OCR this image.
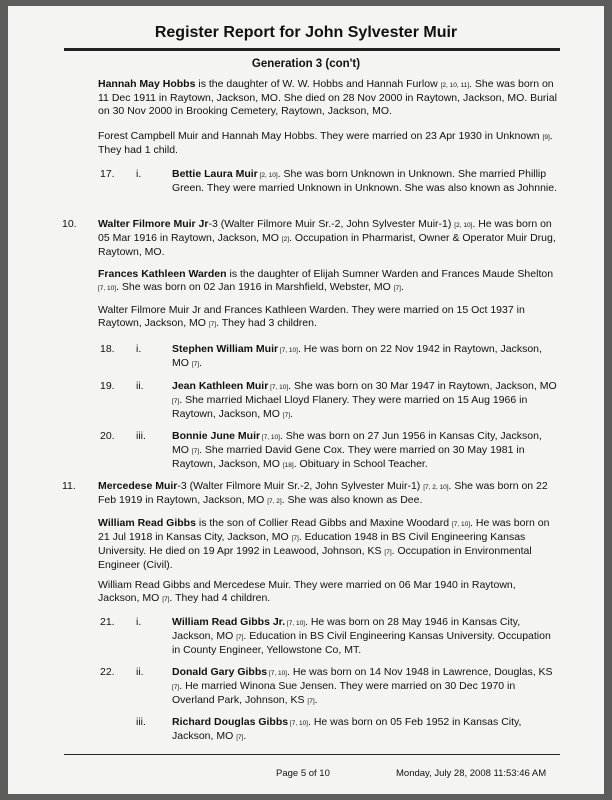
Register Report for John Sylvester Muir
Generation 3 (con't)
Hannah May Hobbs is the daughter of W. W. Hobbs and Hannah Furlow [2, 10, 11]. She was born on 11 Dec 1911 in Raytown, Jackson, MO. She died on 28 Nov 2000 in Raytown, Jackson, MO. Burial on 30 Nov 2000 in Brooking Cemetery, Raytown, Jackson, MO.
Forest Campbell Muir and Hannah May Hobbs. They were married on 23 Apr 1930 in Unknown [9]. They had 1 child.
17. i.	Bettie Laura Muir [2, 10]. She was born Unknown in Unknown. She married Phillip Green. They were married Unknown in Unknown. She was also known as Johnnie.
10. Walter Filmore Muir Jr-3 (Walter Filmore Muir Sr.-2, John Sylvester Muir-1) [2, 10]. He was born on 05 Mar 1916 in Raytown, Jackson, MO [2]. Occupation in Pharmarist, Owner & Operator Muir Drug, Raytown, MO.
Frances Kathleen Warden is the daughter of Elijah Sumner Warden and Frances Maude Shelton [7, 10]. She was born on 02 Jan 1916 in Marshfield, Webster, MO [7].
Walter Filmore Muir Jr and Frances Kathleen Warden. They were married on 15 Oct 1937 in Raytown, Jackson, MO [7]. They had 3 children.
18. i.	Stephen William Muir [7, 10]. He was born on 22 Nov 1942 in Raytown, Jackson, MO [7].
19. ii.	Jean Kathleen Muir [7, 10]. She was born on 30 Mar 1947 in Raytown, Jackson, MO [7]. She married Michael Lloyd Flanery. They were married on 15 Aug 1966 in Raytown, Jackson, MO [7].
20. iii. Bonnie June Muir [7, 10]. She was born on 27 Jun 1956 in Kansas City, Jackson, MO [7]. She married David Gene Cox. They were married on 30 May 1981 in Raytown, Jackson, MO [18]. Obituary in School Teacher.
11. Mercedese Muir-3 (Walter Filmore Muir Sr.-2, John Sylvester Muir-1) [7, 2, 10]. She was born on 22 Feb 1919 in Raytown, Jackson, MO [7, 2]. She was also known as Dee.
William Read Gibbs is the son of Collier Read Gibbs and Maxine Woodard [7, 10]. He was born on 21 Jul 1918 in Kansas City, Jackson, MO [7]. Education 1948 in BS Civil Engineering Kansas University. He died on 19 Apr 1992 in Leawood, Johnson, KS [7]. Occupation in Environmental Engineer (Civil).
William Read Gibbs and Mercedese Muir. They were married on 06 Mar 1940 in Raytown, Jackson, MO [7]. They had 4 children.
21. i.	William Read Gibbs Jr. [7, 10]. He was born on 28 May 1946 in Kansas City, Jackson, MO [7]. Education in BS Civil Engineering Kansas University. Occupation in County Engineer, Yellowstone Co, MT.
22. ii.	Donald Gary Gibbs [7, 10]. He was born on 14 Nov 1948 in Lawrence, Douglas, KS [7]. He married Winona Sue Jensen. They were married on 30 Dec 1970 in Overland Park, Johnson, KS [7].
iii. Richard Douglas Gibbs [7, 10]. He was born on 05 Feb 1952 in Kansas City, Jackson, MO [7].
Page 5 of 10	Monday, July 28, 2008 11:53:46 AM
